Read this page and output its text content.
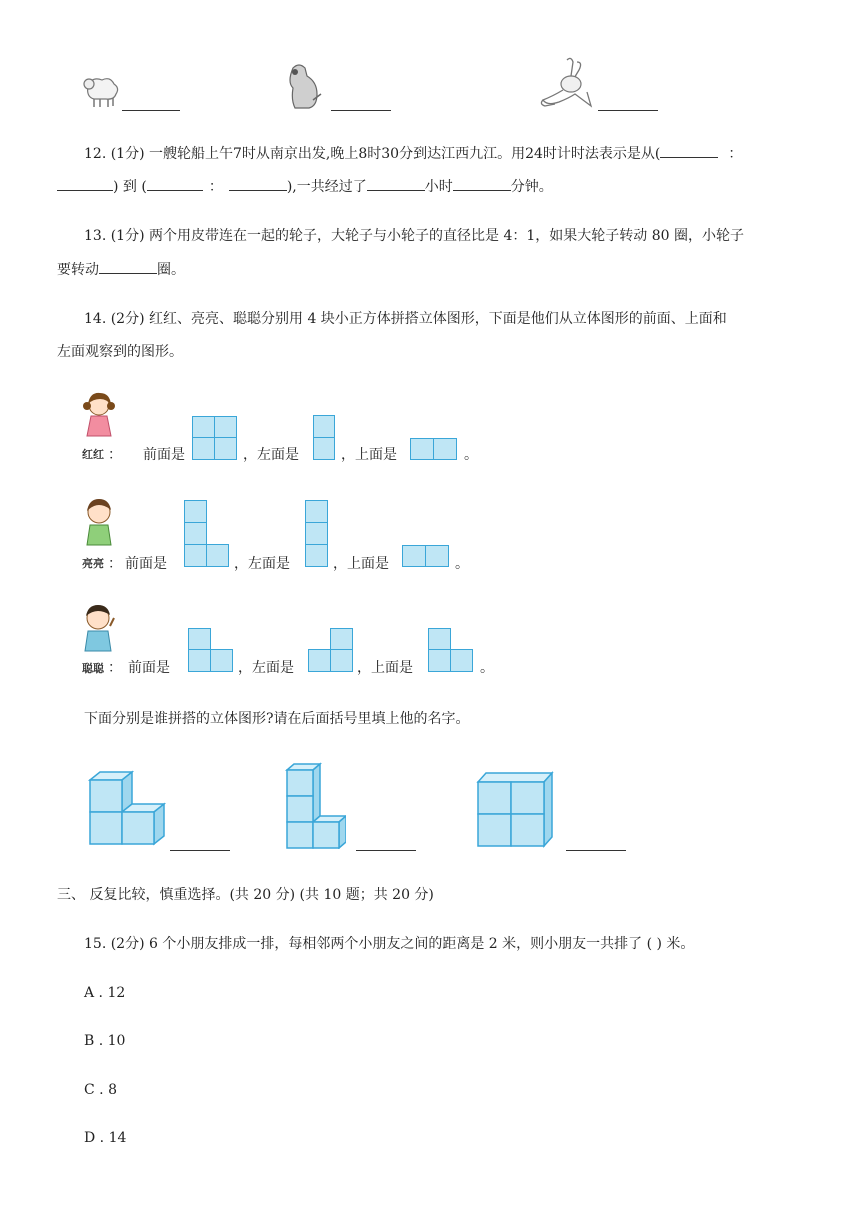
12. (1分) 一艘轮船上午7时从南京出发,晚上8时30分到达江西九江。用24时计时法表示是从(	：
) 到 (	：	),一共经过了	小时	分钟。
13. (1分) 两个用皮带连在一起的轮子，大轮子与小轮子的直径比是 4：1，如果大轮子转动 80 圈，小轮子
要转动	圈。
14. (2分) 红红、亮亮、聪聪分别用 4 块小正方体拼搭立体图形，下面是他们从立体图形的前面、上面和
左面观察到的图形。
红红 ： 前面是	，左面是	，上面是	。
亮亮 ： 前面是	，左面是	，上面是	。
聪聪 ： 前面是	，左面是	，上面是	。
下面分别是谁拼搭的立体图形?请在后面括号里填上他的名字。
三、 反复比较，慎重选择。(共 20 分) (共 10 题；共 20 分)
15. (2分) 6 个小朋友排成一排，每相邻两个小朋友之间的距离是 2 米，则小朋友一共排了 ( ) 米。
A . 12
B . 10
C . 8
D . 14
